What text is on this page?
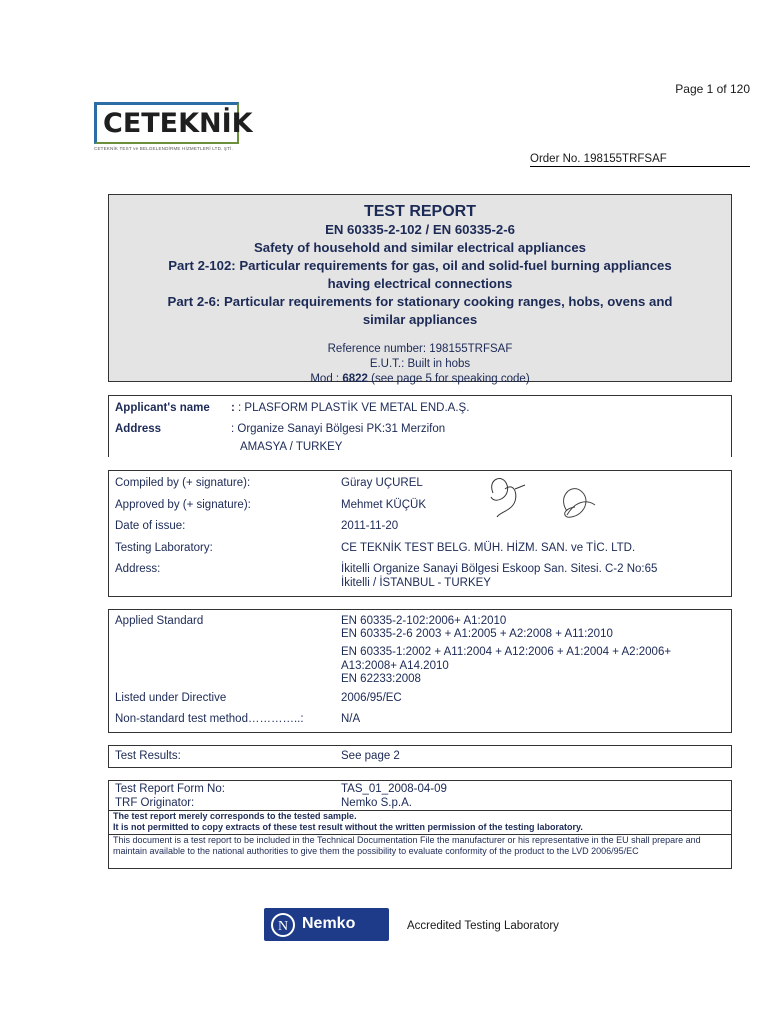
Page 1 of 120
CETEKNİK
CETEKNİK TEST ve BELGELENDİRME HİZMETLERİ LTD. ŞTİ.
Order No. 198155TRFSAF
TEST REPORT
EN 60335-2-102 / EN 60335-2-6
Safety of household and similar electrical appliances
Part 2-102: Particular requirements for gas, oil and solid-fuel burning appliances
having electrical connections
Part 2-6: Particular requirements for stationary cooking ranges, hobs, ovens and
similar appliances
Reference number: 198155TRFSAF
E.U.T.: Built in hobs
Mod : 6822 (see page 5 for speaking code)
Applicant's name : : PLASFORM PLASTİK VE METAL END.A.Ş.
Address	: Organize Sanayi Bölgesi PK:31 Merzifon
AMASYA / TURKEY
Compiled by (+ signature):	Güray UÇUREL
Approved by (+ signature):	Mehmet KÜÇÜK
Date of issue:	2011-11-20
Testing Laboratory:	CE TEKNİK TEST BELG. MÜH. HİZM. SAN. ve TİC. LTD.
Address:	İkitelli Organize Sanayi Bölgesi Eskoop San. Sitesi. C-2 No:65
İkitelli / İSTANBUL - TURKEY
Applied Standard	EN 60335-2-102:2006+ A1:2010
EN 60335-2-6 2003 + A1:2005 + A2:2008 + A11:2010
EN 60335-1:2002 + A11:2004 + A12:2006 + A1:2004 + A2:2006+
A13:2008+ A14.2010
EN 62233:2008
Listed under Directive	2006/95/EC
Non-standard test method…………..:	N/A
Test Results:	See page 2
Test Report Form No:	TAS_01_2008-04-09
TRF Originator:	Nemko S.p.A.
The test report merely corresponds to the tested sample.
It is not permitted to copy extracts of these test result without the written permission of the testing laboratory.
This document is a test report to be included in the Technical Documentation File the manufacturer or his representative in the EU shall prepare and maintain available to the national authorities to give them the possibility to evaluate conformity of the product to the LVD 2006/95/EC
N Nemko	Accredited Testing Laboratory
